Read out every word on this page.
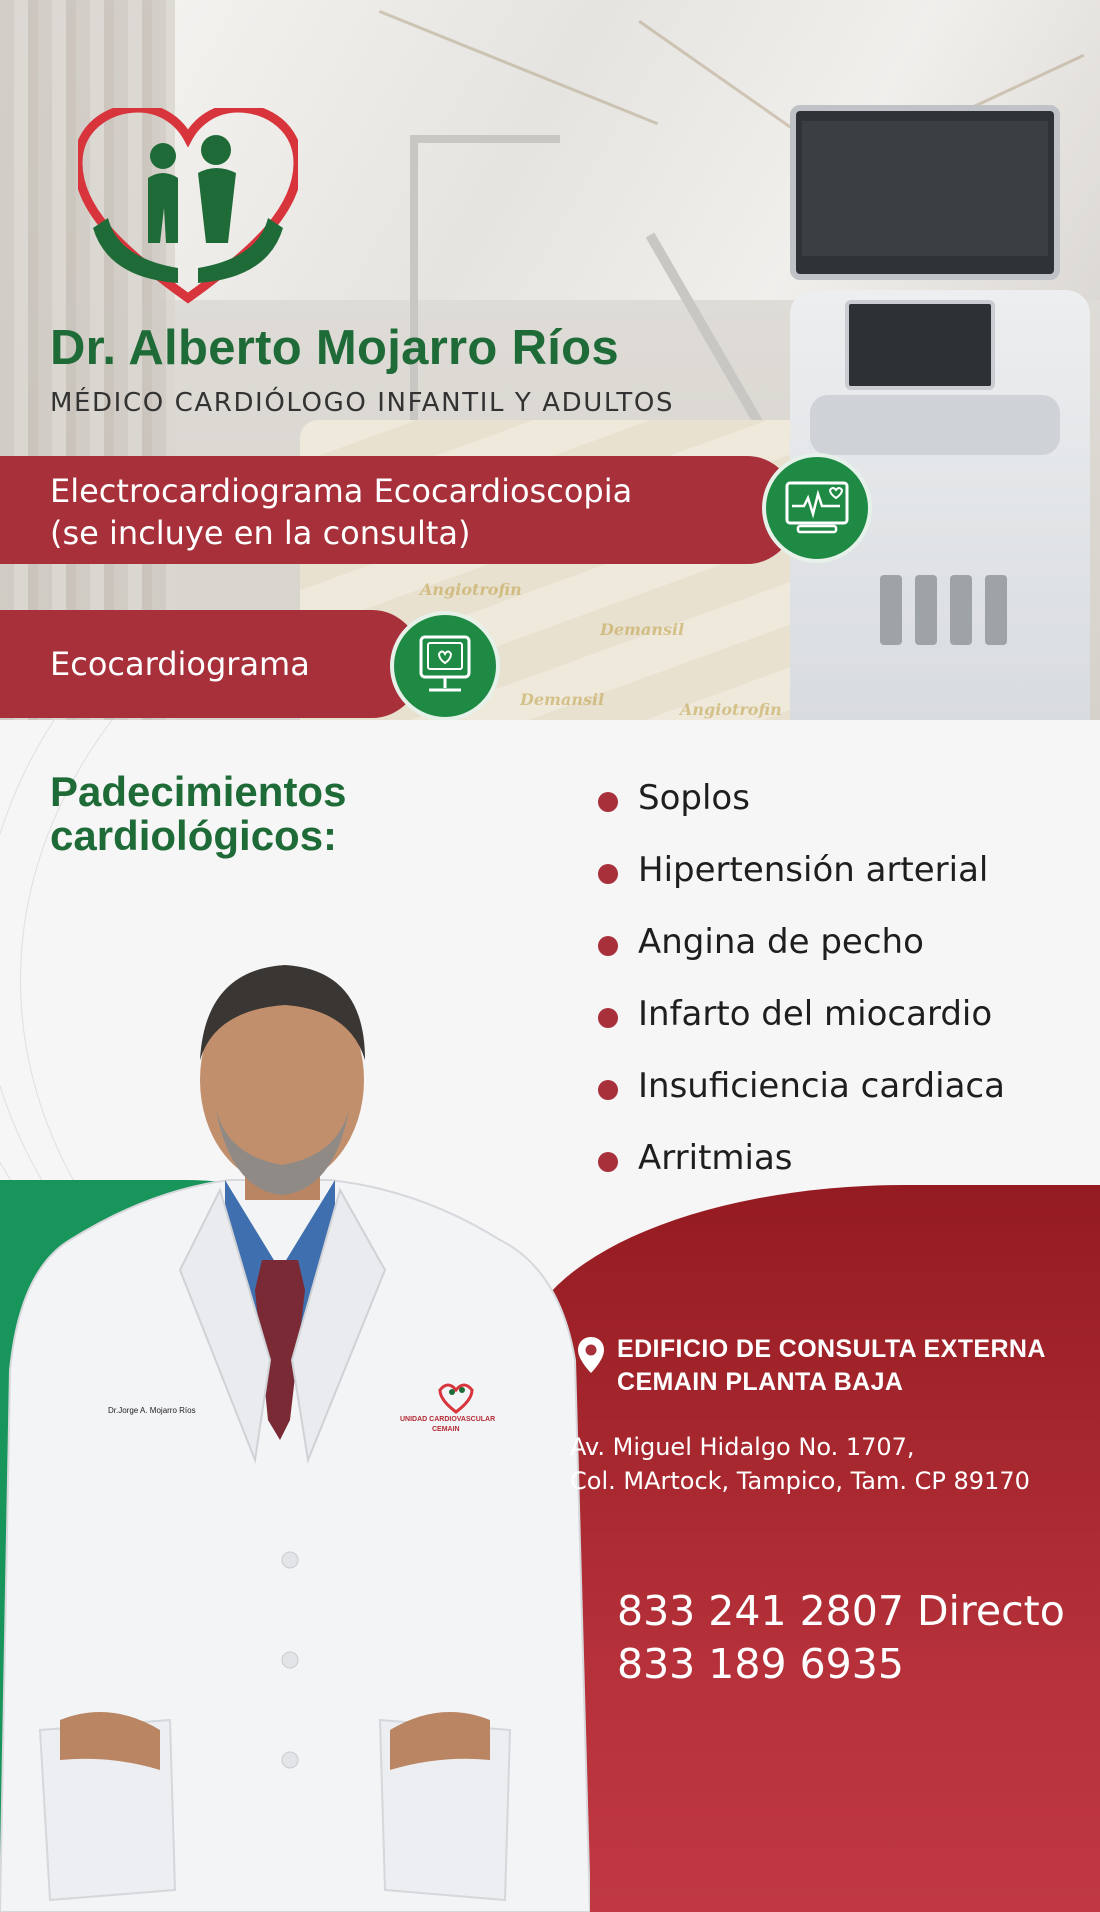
Angiotrofin
Demansil
Demansil
Angiotrofin
Dr. Alberto Mojarro Ríos
MÉDICO CARDIÓLOGO INFANTIL Y ADULTOS
Electrocardiograma Ecocardioscopia
(se incluye en la consulta)
Ecocardiograma
Padecimientos
cardiológicos:
Soplos
Hipertensión arterial
Angina de pecho
Infarto del miocardio
Insuficiencia cardiaca
Arritmias
Dr.Jorge A. Mojarro Ríos
UNIDAD CARDIOVASCULAR
CEMAIN
EDIFICIO DE CONSULTA EXTERNA
CEMAIN PLANTA BAJA
Av. Miguel Hidalgo No. 1707,
Col. MArtock, Tampico, Tam. CP 89170
833 241 2807 Directo
833 189 6935
